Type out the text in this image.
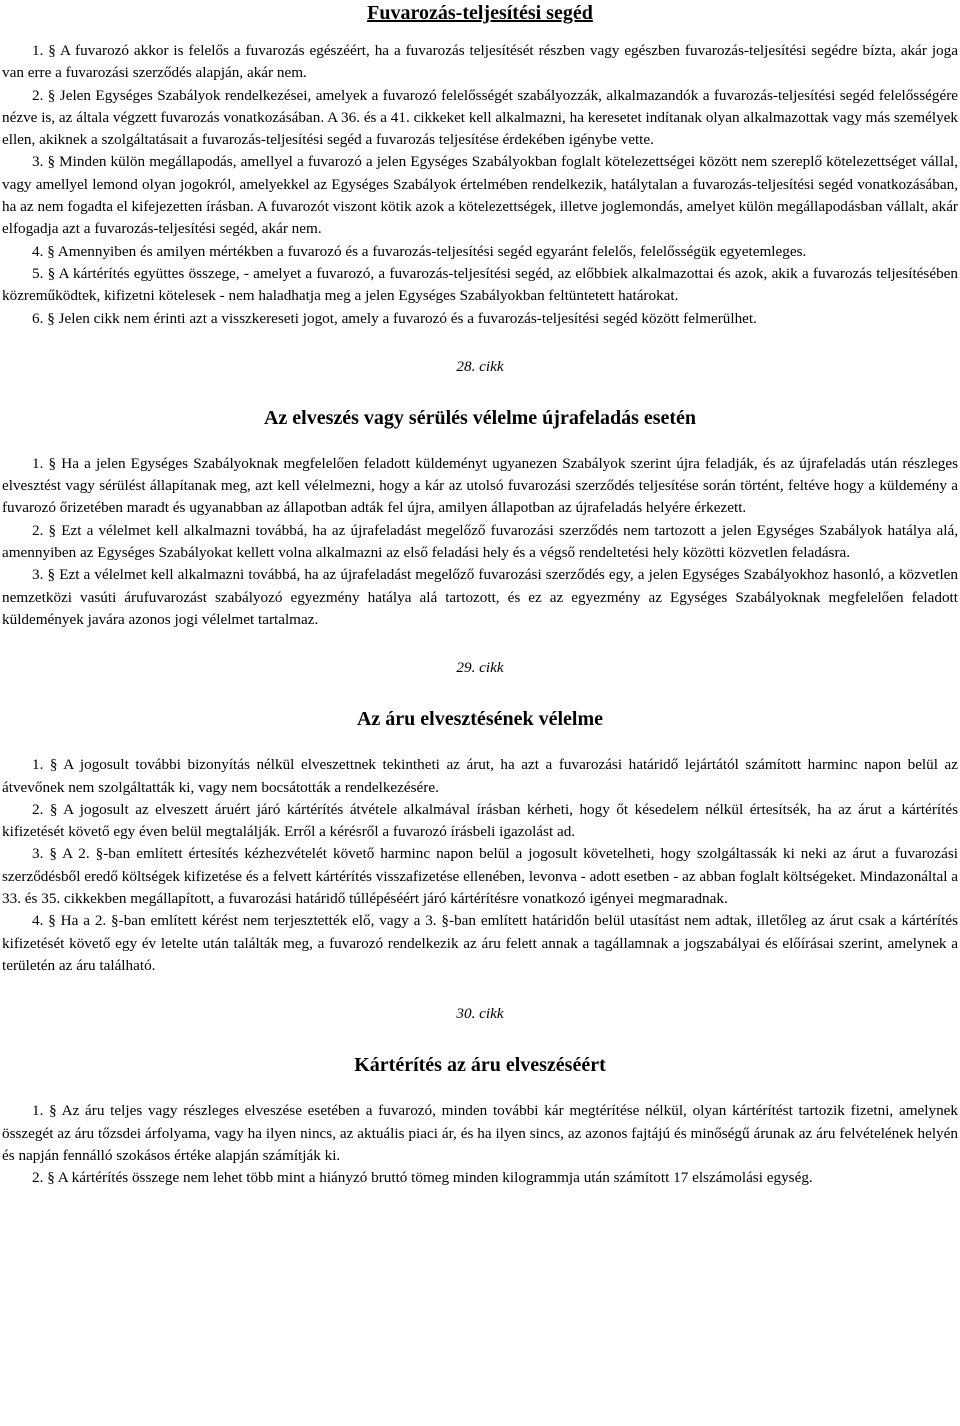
Fuvarozás-teljesítési segéd

1. § A fuvarozó akkor is felelős a fuvarozás egészéért, ha a fuvarozás teljesítését részben vagy egészben fuvarozás-teljesítési segédre bízta, akár joga van erre a fuvarozási szerződés alapján, akár nem.

2. § Jelen Egységes Szabályok rendelkezései, amelyek a fuvarozó felelősségét szabályozzák, alkalmazandók a fuvarozás-teljesítési segéd felelősségére nézve is, az általa végzett fuvarozás vonatkozásában. A 36. és a 41. cikkeket kell alkalmazni, ha keresetet indítanak olyan alkalmazottak vagy más személyek ellen, akiknek a szolgáltatásait a fuvarozás-teljesítési segéd a fuvarozás teljesítése érdekében igénybe vette.

3. § Minden külön megállapodás, amellyel a fuvarozó a jelen Egységes Szabályokban foglalt kötelezettségei között nem szereplő kötelezettséget vállal, vagy amellyel lemond olyan jogokról, amelyekkel az Egységes Szabályok értelmében rendelkezik, hatálytalan a fuvarozás-teljesítési segéd vonatkozásában, ha az nem fogadta el kifejezetten írásban. A fuvarozót viszont kötik azok a kötelezettségek, illetve joglemondás, amelyet külön megállapodásban vállalt, akár elfogadja azt a fuvarozás-teljesítési segéd, akár nem.

4. § Amennyiben és amilyen mértékben a fuvarozó és a fuvarozás-teljesítési segéd egyaránt felelős, felelősségük egyetemleges.

5. § A kártérítés együttes összege, - amelyet a fuvarozó, a fuvarozás-teljesítési segéd, az előbbiek alkalmazottai és azok, akik a fuvarozás teljesítésében közreműködtek, kifizetni kötelesek - nem haladhatja meg a jelen Egységes Szabályokban feltüntetett határokat.

6. § Jelen cikk nem érinti azt a visszkereseti jogot, amely a fuvarozó és a fuvarozás-teljesítési segéd között felmerülhet.

28. cikk
Az elveszés vagy sérülés vélelme újrafeladás esetén

1. § Ha a jelen Egységes Szabályoknak megfelelően feladott küldeményt ugyanezen Szabályok szerint újra feladják, és az újrafeladás után részleges elvesztést vagy sérülést állapítanak meg, azt kell vélelmezni, hogy a kár az utolsó fuvarozási szerződés teljesítése során történt, feltéve hogy a küldemény a fuvarozó őrizetében maradt és ugyanabban az állapotban adták fel újra, amilyen állapotban az újrafeladás helyére érkezett.

2. § Ezt a vélelmet kell alkalmazni továbbá, ha az újrafeladást megelőző fuvarozási szerződés nem tartozott a jelen Egységes Szabályok hatálya alá, amennyiben az Egységes Szabályokat kellett volna alkalmazni az első feladási hely és a végső rendeltetési hely közötti közvetlen feladásra.

3. § Ezt a vélelmet kell alkalmazni továbbá, ha az újrafeladást megelőző fuvarozási szerződés egy, a jelen Egységes Szabályokhoz hasonló, a közvetlen nemzetközi vasúti árufuvarozást szabályozó egyezmény hatálya alá tartozott, és ez az egyezmény az Egységes Szabályoknak megfelelően feladott küldemények javára azonos jogi vélelmet tartalmaz.

29. cikk
Az áru elvesztésének vélelme

1. § A jogosult további bizonyítás nélkül elveszettnek tekintheti az árut, ha azt a fuvarozási határidő lejártától számított harminc napon belül az átvevőnek nem szolgáltatták ki, vagy nem bocsátották a rendelkezésére.

2. § A jogosult az elveszett áruért járó kártérítés átvétele alkalmával írásban kérheti, hogy őt késedelem nélkül értesítsék, ha az árut a kártérítés kifizetését követő egy éven belül megtalálják. Erről a kérésről a fuvarozó írásbeli igazolást ad.

3. § A 2. §-ban említett értesítés kézhezvételét követő harminc napon belül a jogosult követelheti, hogy szolgáltassák ki neki az árut a fuvarozási szerződésből eredő költségek kifizetése és a felvett kártérítés visszafizetése ellenében, levonva - adott esetben - az abban foglalt költségeket. Mindazonáltal a 33. és 35. cikkekben megállapított, a fuvarozási határidő túllépéséért járó kártérítésre vonatkozó igényei megmaradnak.

4. § Ha a 2. §-ban említett kérést nem terjesztették elő, vagy a 3. §-ban említett határidőn belül utasítást nem adtak, illetőleg az árut csak a kártérítés kifizetését követő egy év letelte után találták meg, a fuvarozó rendelkezik az áru felett annak a tagállamnak a jogszabályai és előírásai szerint, amelynek a területén az áru található.

30. cikk
Kártérítés az áru elveszéséért

1. § Az áru teljes vagy részleges elveszése esetében a fuvarozó, minden további kár megtérítése nélkül, olyan kártérítést tartozik fizetni, amelynek összegét az áru tőzsdei árfolyama, vagy ha ilyen nincs, az aktuális piaci ár, és ha ilyen sincs, az azonos fajtájú és minőségű árunak az áru felvételének helyén és napján fennálló szokásos értéke alapján számítják ki.

2. § A kártérítés összege nem lehet több mint a hiányzó bruttó tömeg minden kilogrammja után számított 17 elszámolási egység.
